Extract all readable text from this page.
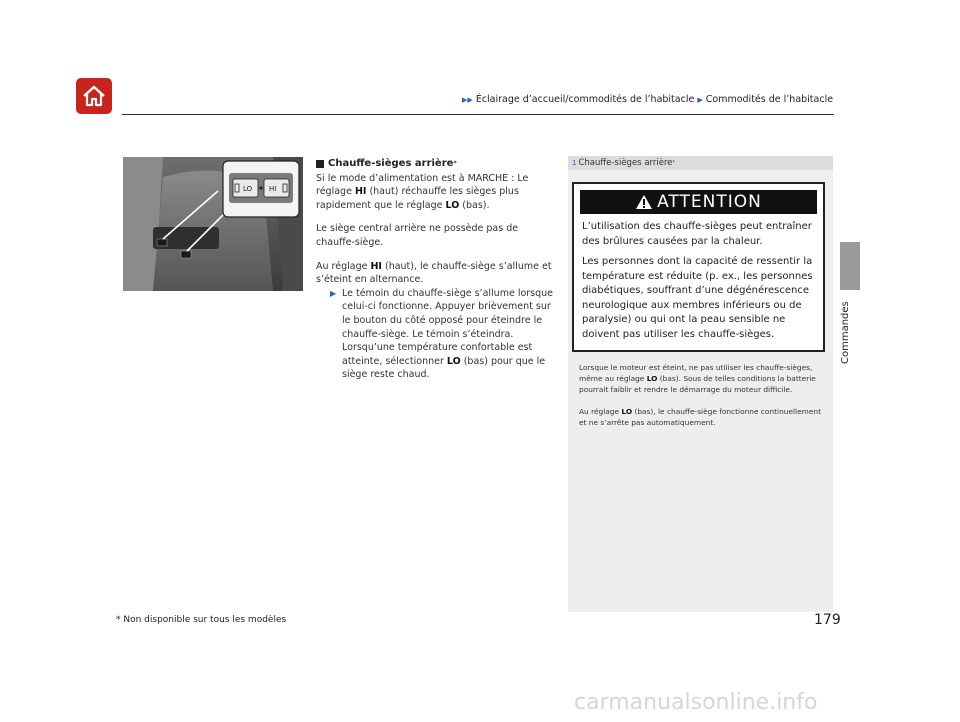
▶▶ Éclairage d’accueil/commodités de l’habitacle ▶ Commodités de l’habitacle
Commandes
LO HI
Chauffe-sièges arrière *

Si le mode d’alimentation est à MARCHE : Le réglage HI (haut) réchauffe les sièges plus rapidement que le réglage LO (bas).

Le siège central arrière ne possède pas de chauffe-siège.

Au réglage HI (haut), le chauffe-siège s’allume et s’éteint en alternance.

▶ Le témoin du chauffe-siège s’allume lorsque celui-ci fonctionne. Appuyer brièvement sur le bouton du côté opposé pour éteindre le chauffe-siège. Le témoin s’éteindra. Lorsqu’une température confortable est atteinte, sélectionner LO (bas) pour que le siège reste chaud.
1 Chauffe-sièges arrière *
ATTENTION

L’utilisation des chauffe-sièges peut entraîner des brûlures causées par la chaleur.

Les personnes dont la capacité de ressentir la température est réduite (p. ex., les personnes diabétiques, souffrant d’une dégénérescence neurologique aux membres inférieurs ou de paralysie) ou qui ont la peau sensible ne doivent pas utiliser les chauffe-sièges.

Lorsque le moteur est éteint, ne pas utiliser les chauffe-sièges, même au réglage LO (bas). Sous de telles conditions la batterie pourrait faiblir et rendre le démarrage du moteur difficile.

Au réglage LO (bas), le chauffe-siège fonctionne continuellement et ne s’arrête pas automatiquement.

* Non disponible sur tous les modèles	179
carmanualsonline.info
